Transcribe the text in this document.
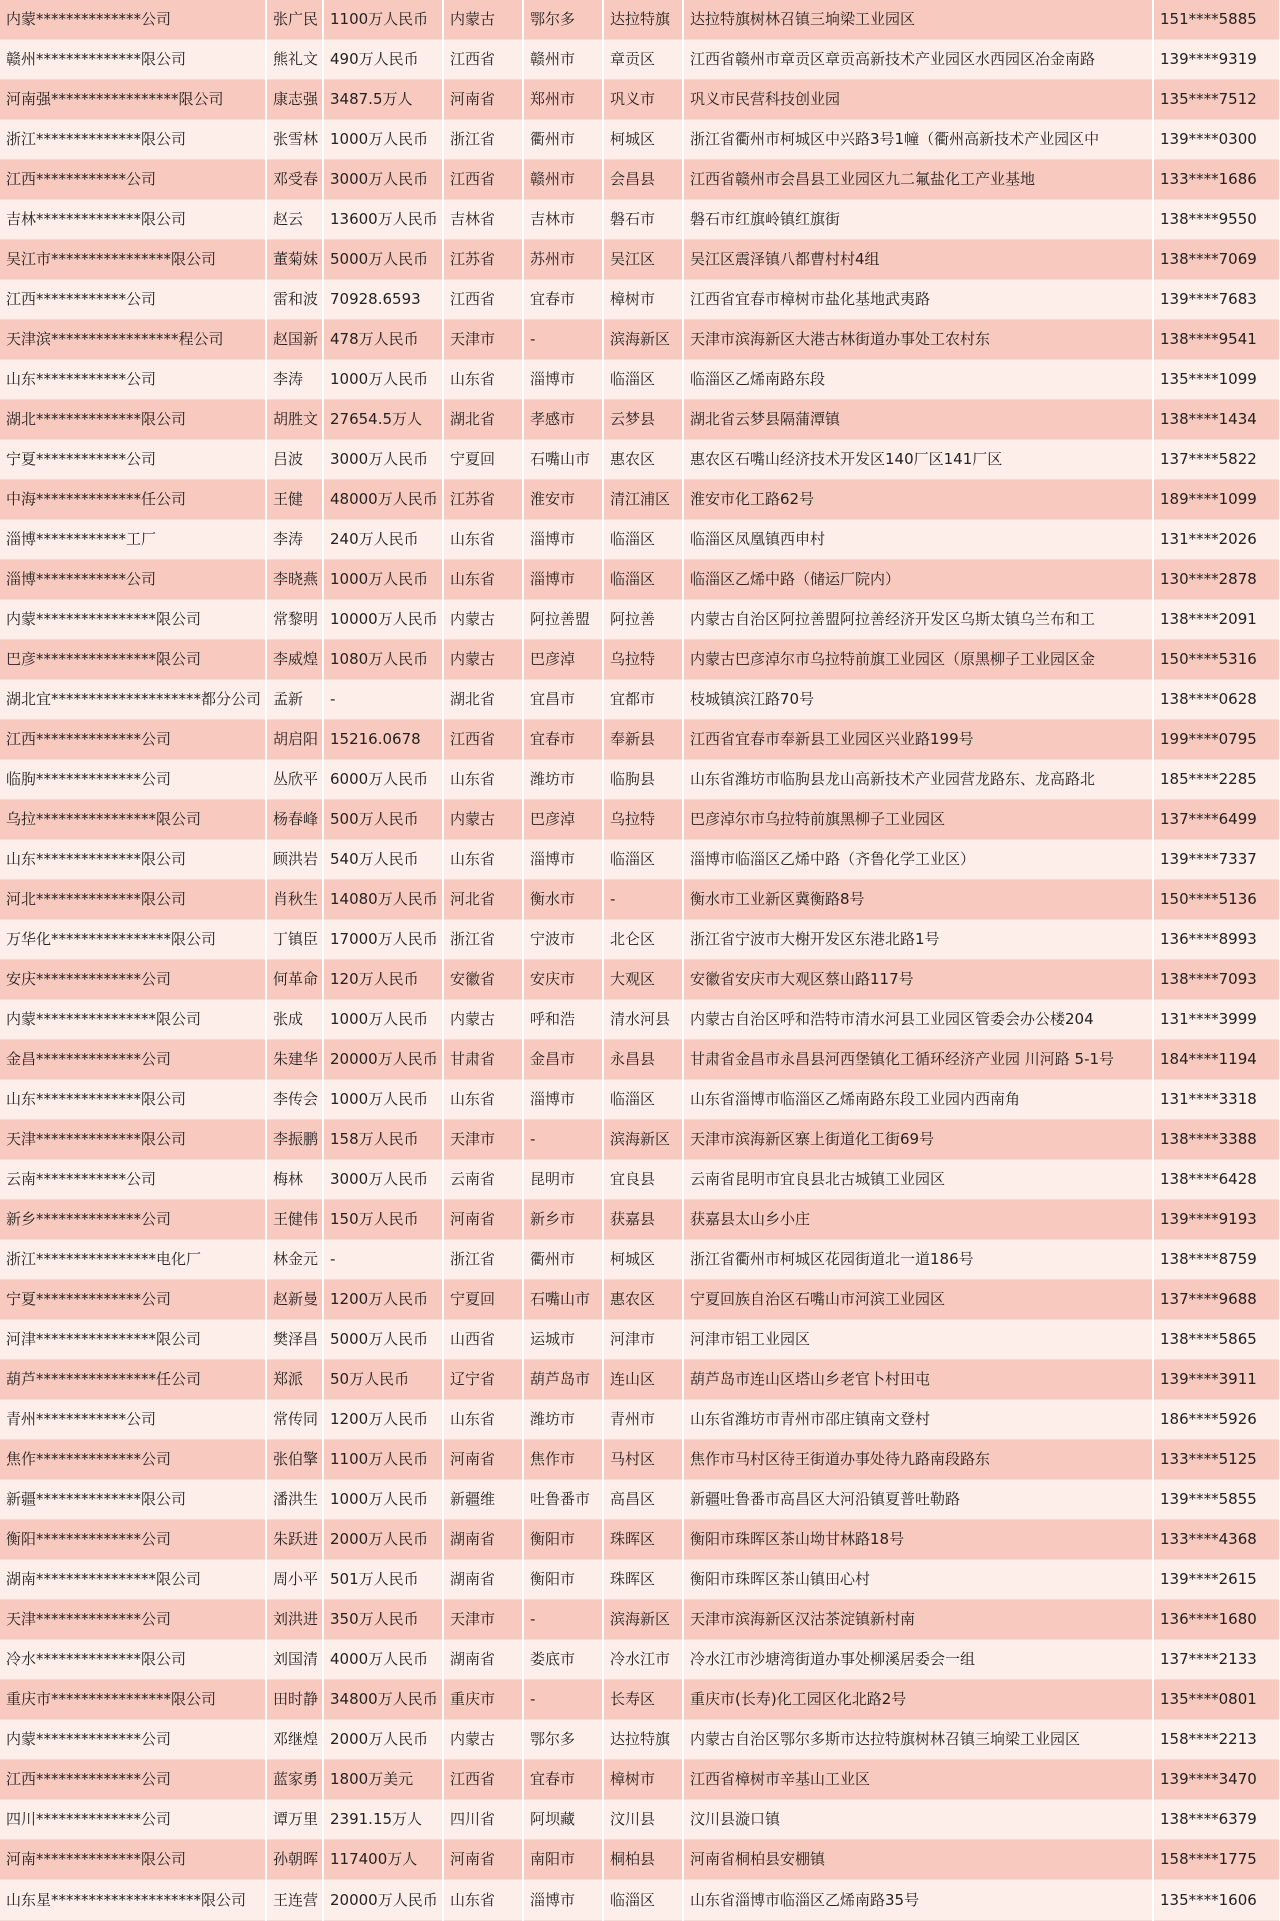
内蒙**************公司	张广民	1100万人民币	内蒙古	鄂尔多	达拉特旗	达拉特旗树林召镇三垧梁工业园区	151****5885
赣州**************限公司	熊礼文	490万人民币	江西省	赣州市	章贡区	江西省赣州市章贡区章贡高新技术产业园区水西园区冶金南路	139****9319
河南强*****************限公司	康志强	3487.5万人	河南省	郑州市	巩义市	巩义市民营科技创业园	135****7512
浙江**************限公司	张雪林	1000万人民币	浙江省	衢州市	柯城区	浙江省衢州市柯城区中兴路3号1幢（衢州高新技术产业园区中	139****0300
江西************公司	邓受春	3000万人民币	江西省	赣州市	会昌县	江西省赣州市会昌县工业园区九二氟盐化工产业基地	133****1686
吉林**************限公司	赵云	13600万人民币	吉林省	吉林市	磐石市	磐石市红旗岭镇红旗街	138****9550
吴江市****************限公司	董菊妹	5000万人民币	江苏省	苏州市	吴江区	吴江区震泽镇八都曹村村4组	138****7069
江西************公司	雷和波	70928.6593	江西省	宜春市	樟树市	江西省宜春市樟树市盐化基地武夷路	139****7683
天津滨*****************程公司	赵国新	478万人民币	天津市	-	滨海新区	天津市滨海新区大港古林街道办事处工农村东	138****9541
山东************公司	李涛	1000万人民币	山东省	淄博市	临淄区	临淄区乙烯南路东段	135****1099
湖北**************限公司	胡胜文	27654.5万人	湖北省	孝感市	云梦县	湖北省云梦县隔蒲潭镇	138****1434
宁夏************公司	吕波	3000万人民币	宁夏回	石嘴山市	惠农区	惠农区石嘴山经济技术开发区140厂区141厂区	137****5822
中海**************任公司	王健	48000万人民币	江苏省	淮安市	清江浦区	淮安市化工路62号	189****1099
淄博************工厂	李涛	240万人民币	山东省	淄博市	临淄区	临淄区凤凰镇西申村	131****2026
淄博************公司	李晓燕	1000万人民币	山东省	淄博市	临淄区	临淄区乙烯中路（储运厂院内）	130****2878
内蒙****************限公司	常黎明	10000万人民币	内蒙古	阿拉善盟	阿拉善	内蒙古自治区阿拉善盟阿拉善经济开发区乌斯太镇乌兰布和工	138****2091
巴彦****************限公司	李威煌	1080万人民币	内蒙古	巴彦淖	乌拉特	内蒙古巴彦淖尔市乌拉特前旗工业园区（原黑柳子工业园区金	150****5316
湖北宜********************都分公司	孟新	-	湖北省	宜昌市	宜都市	枝城镇滨江路70号	138****0628
江西**************公司	胡启阳	15216.0678	江西省	宜春市	奉新县	江西省宜春市奉新县工业园区兴业路199号	199****0795
临朐**************公司	丛欣平	6000万人民币	山东省	潍坊市	临朐县	山东省潍坊市临朐县龙山高新技术产业园营龙路东、龙高路北	185****2285
乌拉****************限公司	杨春峰	500万人民币	内蒙古	巴彦淖	乌拉特	巴彦淖尔市乌拉特前旗黑柳子工业园区	137****6499
山东**************限公司	顾洪岩	540万人民币	山东省	淄博市	临淄区	淄博市临淄区乙烯中路（齐鲁化学工业区）	139****7337
河北**************限公司	肖秋生	14080万人民币	河北省	衡水市	-	衡水市工业新区冀衡路8号	150****5136
万华化****************限公司	丁镇臣	17000万人民币	浙江省	宁波市	北仑区	浙江省宁波市大榭开发区东港北路1号	136****8993
安庆**************公司	何革命	120万人民币	安徽省	安庆市	大观区	安徽省安庆市大观区蔡山路117号	138****7093
内蒙****************限公司	张成	1000万人民币	内蒙古	呼和浩	清水河县	内蒙古自治区呼和浩特市清水河县工业园区管委会办公楼204	131****3999
金昌**************公司	朱建华	20000万人民币	甘肃省	金昌市	永昌县	甘肃省金昌市永昌县河西堡镇化工循环经济产业园 川河路 5-1号	184****1194
山东**************限公司	李传会	1000万人民币	山东省	淄博市	临淄区	山东省淄博市临淄区乙烯南路东段工业园内西南角	131****3318
天津**************限公司	李振鹏	158万人民币	天津市	-	滨海新区	天津市滨海新区寨上街道化工街69号	138****3388
云南************公司	梅林	3000万人民币	云南省	昆明市	宜良县	云南省昆明市宜良县北古城镇工业园区	138****6428
新乡**************公司	王健伟	150万人民币	河南省	新乡市	获嘉县	获嘉县太山乡小庄	139****9193
浙江****************电化厂	林金元	-	浙江省	衢州市	柯城区	浙江省衢州市柯城区花园街道北一道186号	138****8759
宁夏**************公司	赵新曼	1200万人民币	宁夏回	石嘴山市	惠农区	宁夏回族自治区石嘴山市河滨工业园区	137****9688
河津****************限公司	樊泽昌	5000万人民币	山西省	运城市	河津市	河津市铝工业园区	138****5865
葫芦****************任公司	郑派	50万人民币	辽宁省	葫芦岛市	连山区	葫芦岛市连山区塔山乡老官卜村田屯	139****3911
青州************公司	常传同	1200万人民币	山东省	潍坊市	青州市	山东省潍坊市青州市邵庄镇南文登村	186****5926
焦作**************公司	张伯擎	1100万人民币	河南省	焦作市	马村区	焦作市马村区待王街道办事处待九路南段路东	133****5125
新疆**************限公司	潘洪生	1000万人民币	新疆维	吐鲁番市	高昌区	新疆吐鲁番市高昌区大河沿镇夏普吐勒路	139****5855
衡阳**************公司	朱跃进	2000万人民币	湖南省	衡阳市	珠晖区	衡阳市珠晖区茶山坳甘林路18号	133****4368
湖南****************限公司	周小平	501万人民币	湖南省	衡阳市	珠晖区	衡阳市珠晖区茶山镇田心村	139****2615
天津**************公司	刘洪进	350万人民币	天津市	-	滨海新区	天津市滨海新区汉沽茶淀镇新村南	136****1680
冷水**************限公司	刘国清	4000万人民币	湖南省	娄底市	冷水江市	冷水江市沙塘湾街道办事处柳溪居委会一组	137****2133
重庆市****************限公司	田时静	34800万人民币	重庆市	-	长寿区	重庆市(长寿)化工园区化北路2号	135****0801
内蒙**************公司	邓继煌	2000万人民币	内蒙古	鄂尔多	达拉特旗	内蒙古自治区鄂尔多斯市达拉特旗树林召镇三垧梁工业园区	158****2213
江西**************公司	蓝家勇	1800万美元	江西省	宜春市	樟树市	江西省樟树市辛基山工业区	139****3470
四川**************公司	谭万里	2391.15万人	四川省	阿坝藏	汶川县	汶川县漩口镇	138****6379
河南**************限公司	孙朝晖	117400万人	河南省	南阳市	桐柏县	河南省桐柏县安棚镇	158****1775
山东星********************限公司	王连营	20000万人民币	山东省	淄博市	临淄区	山东省淄博市临淄区乙烯南路35号	135****1606
